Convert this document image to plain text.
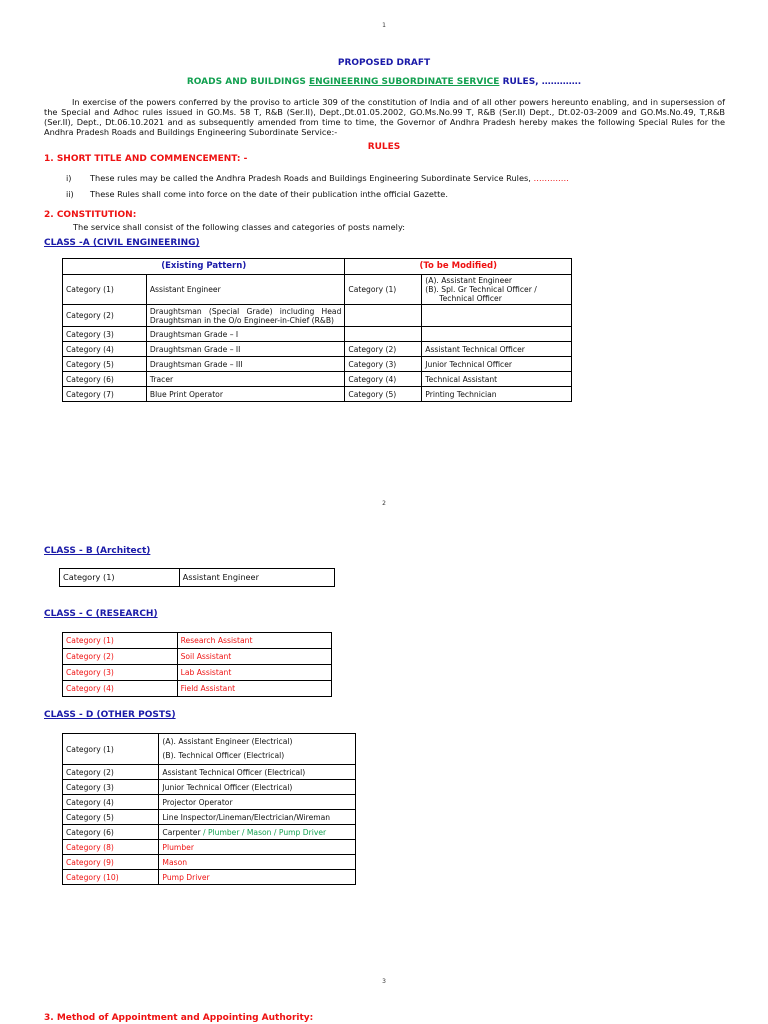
1
PROPOSED DRAFT
ROADS AND BUILDINGS ENGINEERING SUBORDINATE SERVICE RULES, ………….
In exercise of the powers conferred by the proviso to article 309 of the constitution of India and of all other powers hereunto enabling, and in supersession of the Special and Adhoc rules issued in GO.Ms. 58 T, R&B (Ser.II), Dept.,Dt.01.05.2002, GO.Ms.No.99 T, R&B (Ser.II) Dept., Dt.02-03-2009 and GO.Ms.No.49, T,R&B (Ser.II), Dept., Dt.06.10.2021 and as subsequently amended from time to time, the Governor of Andhra Pradesh hereby makes the following Special Rules for the Andhra Pradesh Roads and Buildings Engineering Subordinate Service:-
RULES
1. SHORT TITLE AND COMMENCEMENT: -
i) These rules may be called the Andhra Pradesh Roads and Buildings Engineering Subordinate Service Rules, ………….
ii) These Rules shall come into force on the date of their publication inthe official Gazette.
2. CONSTITUTION:
The service shall consist of the following classes and categories of posts namely:
CLASS -A (CIVIL ENGINEERING)
(Existing Pattern)		(To be Modified)	
Category (1)	Assistant Engineer	Category (1)	(A). Assistant Engineer
(B). Spl. Gr Technical Officer /
Technical Officer

Category (2)	Draughtsman (Special Grade) including Head
Draughtsman in the O/o Engineer-in-Chief (R&B)		

Category (3)	Draughtsman Grade – I		
Category (4)	Draughtsman Grade – II	Category (2)	Assistant Technical Officer
Category (5)	Draughtsman Grade – III	Category (3)	Junior Technical Officer
Category (6)	Tracer	Category (4)	Technical Assistant
Category (7)	Blue Print Operator	Category (5)	Printing Technician
2
CLASS - B (Architect)
Category (1)	Assistant Engineer
CLASS - C (RESEARCH)
Category (1)	Research Assistant
Category (2)	Soil Assistant
Category (3)	Lab Assistant
Category (4)	Field Assistant
CLASS - D (OTHER POSTS)
Category (1)	(A). Assistant Engineer (Electrical)
(B). Technical Officer (Electrical)

Category (2)	Assistant Technical Officer (Electrical)
Category (3)	Junior Technical Officer (Electrical)
Category (4)	Projector Operator
Category (5)	Line Inspector/Lineman/Electrician/Wireman
Category (6)	Carpenter / Plumber / Mason / Pump Driver
Category (8)	Plumber
Category (9)	Mason
Category (10)	Pump Driver
3
3. Method of Appointment and Appointing Authority:
